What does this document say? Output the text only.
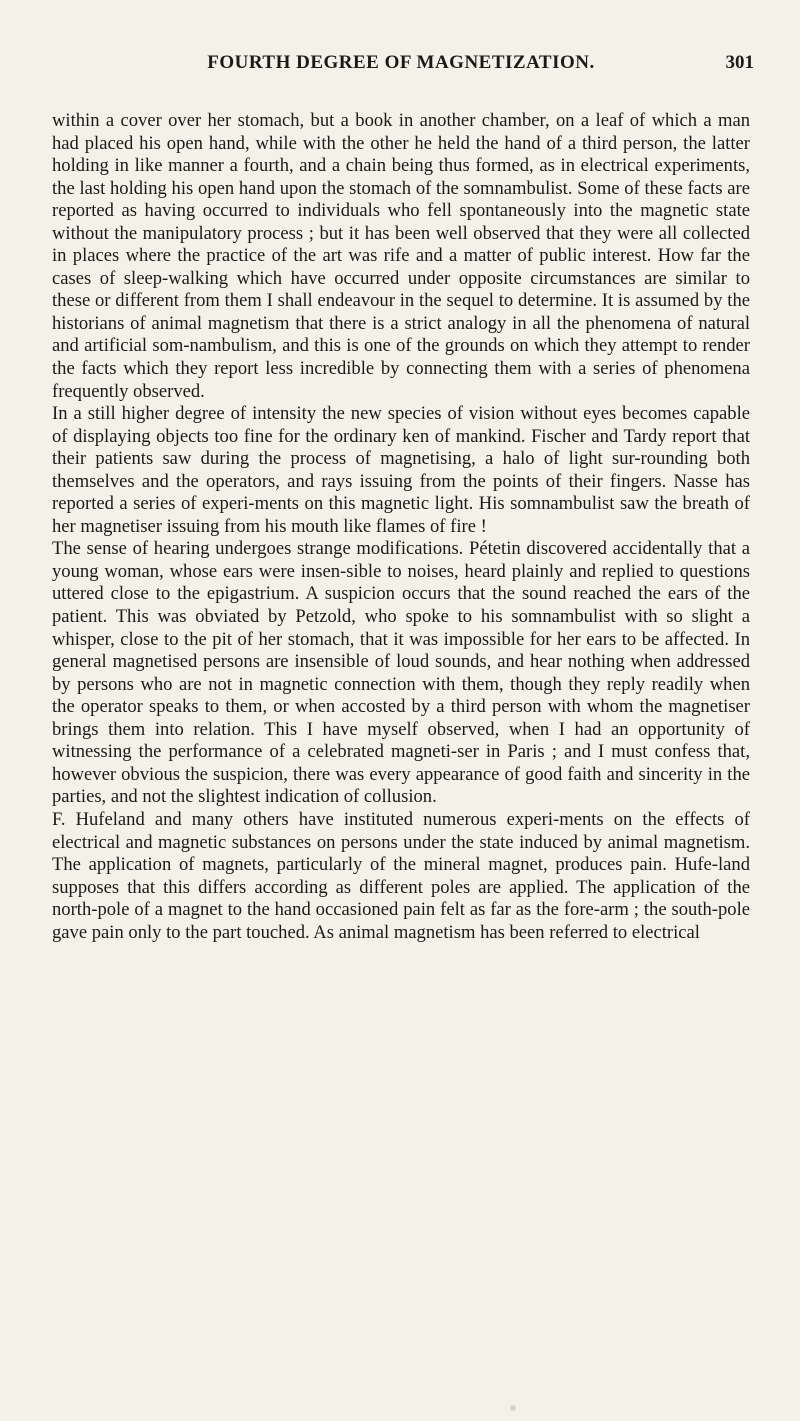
FOURTH DEGREE OF MAGNETIZATION.	301

within a cover over her stomach, but a book in another chamber, on a leaf of which a man had placed his open hand, while with the other he held the hand of a third person, the latter holding in like manner a fourth, and a chain being thus formed, as in electrical experiments, the last holding his open hand upon the stomach of the somnambulist. Some of these facts are reported as having occurred to individuals who fell spontaneously into the magnetic state without the manipulatory process ; but it has been well observed that they were all collected in places where the practice of the art was rife and a matter of public interest. How far the cases of sleep-walking which have occurred under opposite circumstances are similar to these or different from them I shall endeavour in the sequel to determine. It is assumed by the historians of animal magnetism that there is a strict analogy in all the phenomena of natural and artificial som-nambulism, and this is one of the grounds on which they attempt to render the facts which they report less incredible by connecting them with a series of phenomena frequently observed.

In a still higher degree of intensity the new species of vision without eyes becomes capable of displaying objects too fine for the ordinary ken of mankind. Fischer and Tardy report that their patients saw during the process of magnetising, a halo of light sur-rounding both themselves and the operators, and rays issuing from the points of their fingers. Nasse has reported a series of experi-ments on this magnetic light. His somnambulist saw the breath of her magnetiser issuing from his mouth like flames of fire !

The sense of hearing undergoes strange modifications. Pétetin discovered accidentally that a young woman, whose ears were insen-sible to noises, heard plainly and replied to questions uttered close to the epigastrium. A suspicion occurs that the sound reached the ears of the patient. This was obviated by Petzold, who spoke to his somnambulist with so slight a whisper, close to the pit of her stomach, that it was impossible for her ears to be affected. In general magnetised persons are insensible of loud sounds, and hear nothing when addressed by persons who are not in magnetic connection with them, though they reply readily when the operator speaks to them, or when accosted by a third person with whom the magnetiser brings them into relation. This I have myself observed, when I had an opportunity of witnessing the performance of a celebrated magneti-ser in Paris ; and I must confess that, however obvious the suspicion, there was every appearance of good faith and sincerity in the parties, and not the slightest indication of collusion.

F. Hufeland and many others have instituted numerous experi-ments on the effects of electrical and magnetic substances on persons under the state induced by animal magnetism. The application of magnets, particularly of the mineral magnet, produces pain. Hufe-land supposes that this differs according as different poles are applied. The application of the north-pole of a magnet to the hand occasioned pain felt as far as the fore-arm ; the south-pole gave pain only to the part touched. As animal magnetism has been referred to electrical
